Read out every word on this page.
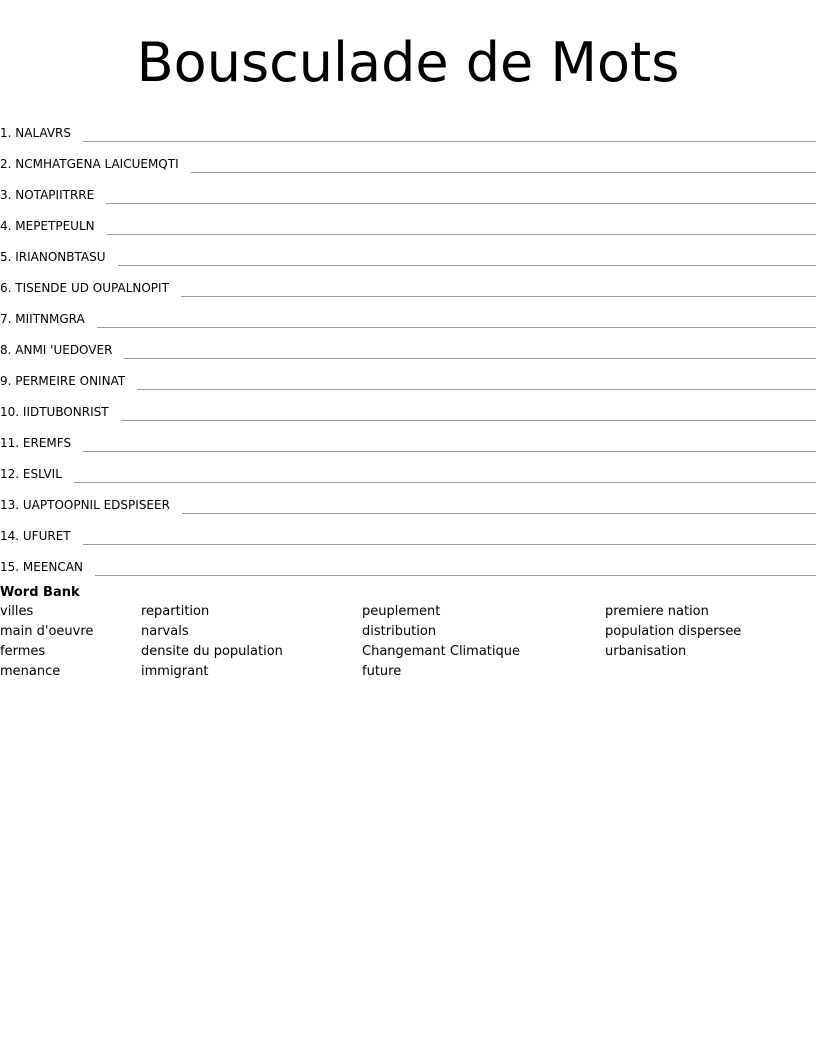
Bousculade de Mots
1. NALAVRS
2. NCMHATGENA LAICUEMQTI
3. NOTAPIITRRE
4. MEPETPEULN
5. IRIANONBTASU
6. TISENDE UD OUPALNOPIT
7. MIITNMGRA
8. ANMI 'UEDOVER
9. PERMEIRE ONINAT
10. IIDTUBONRIST
11. EREMFS
12. ESLVIL
13. UAPTOOPNIL EDSPISEER
14. UFURET
15. MEENCAN
Word Bank
villes	repartition	peuplement	premiere nation
main d'oeuvre	narvals	distribution	population dispersee
fermes	densite du population	Changemant Climatique	urbanisation
menance	immigrant	future
